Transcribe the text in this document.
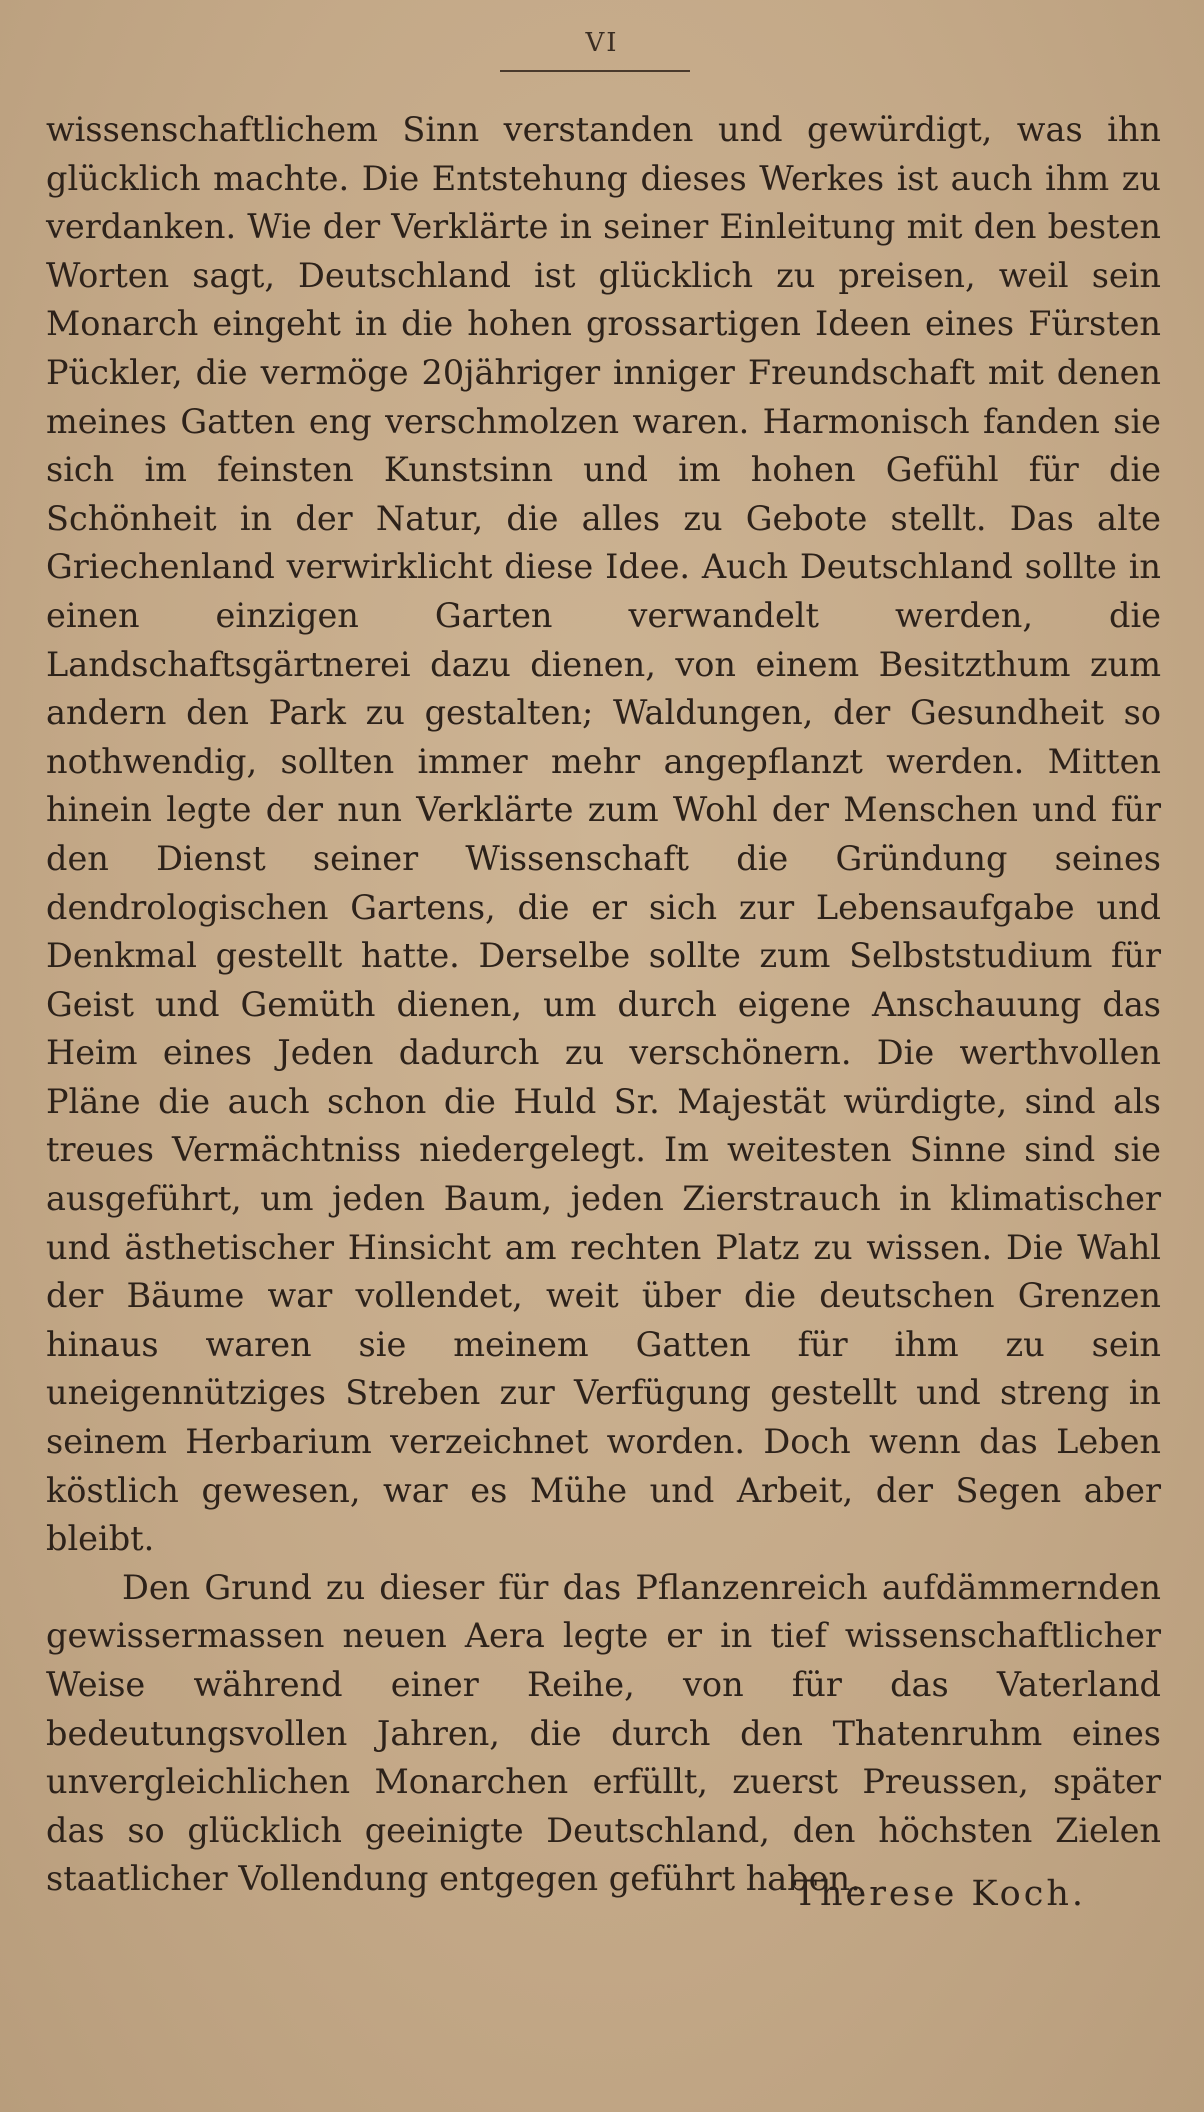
VI

wissenschaftlichem Sinn verstanden und gewürdigt, was ihn glücklich machte. Die Entstehung dieses Werkes ist auch ihm zu verdanken. Wie der Verklärte in seiner Einleitung mit den besten Worten sagt, Deutschland ist glücklich zu preisen, weil sein Monarch eingeht in die hohen grossartigen Ideen eines Fürsten Pückler, die vermöge 20jähriger inniger Freundschaft mit denen meines Gatten eng verschmolzen waren. Harmonisch fanden sie sich im feinsten Kunstsinn und im hohen Gefühl für die Schönheit in der Natur, die alles zu Gebote stellt. Das alte Griechenland verwirklicht diese Idee. Auch Deutschland sollte in einen einzigen Garten verwandelt werden, die Landschaftsgärtnerei dazu dienen, von einem Besitzthum zum andern den Park zu gestalten; Waldungen, der Gesundheit so nothwendig, sollten immer mehr angepflanzt werden. Mitten hinein legte der nun Verklärte zum Wohl der Menschen und für den Dienst seiner Wissenschaft die Gründung seines dendrologischen Gartens, die er sich zur Lebensaufgabe und Denkmal gestellt hatte. Derselbe sollte zum Selbststudium für Geist und Gemüth dienen, um durch eigene Anschauung das Heim eines Jeden dadurch zu verschönern. Die werthvollen Pläne die auch schon die Huld Sr. Majestät würdigte, sind als treues Vermächtniss niedergelegt. Im weitesten Sinne sind sie ausgeführt, um jeden Baum, jeden Zierstrauch in klimatischer und ästhetischer Hinsicht am rechten Platz zu wissen. Die Wahl der Bäume war vollendet, weit über die deutschen Grenzen hinaus waren sie meinem Gatten für ihm zu sein uneigennütziges Streben zur Verfügung gestellt und streng in seinem Herbarium verzeichnet worden. Doch wenn das Leben köstlich gewesen, war es Mühe und Arbeit, der Segen aber bleibt.

Den Grund zu dieser für das Pflanzenreich aufdämmernden gewissermassen neuen Aera legte er in tief wissenschaftlicher Weise während einer Reihe, von für das Vaterland bedeutungsvollen Jahren, die durch den Thatenruhm eines unvergleichlichen Monarchen erfüllt, zuerst Preussen, später das so glücklich geeinigte Deutschland, den höchsten Zielen staatlicher Vollendung entgegen geführt haben.

Therese Koch.
